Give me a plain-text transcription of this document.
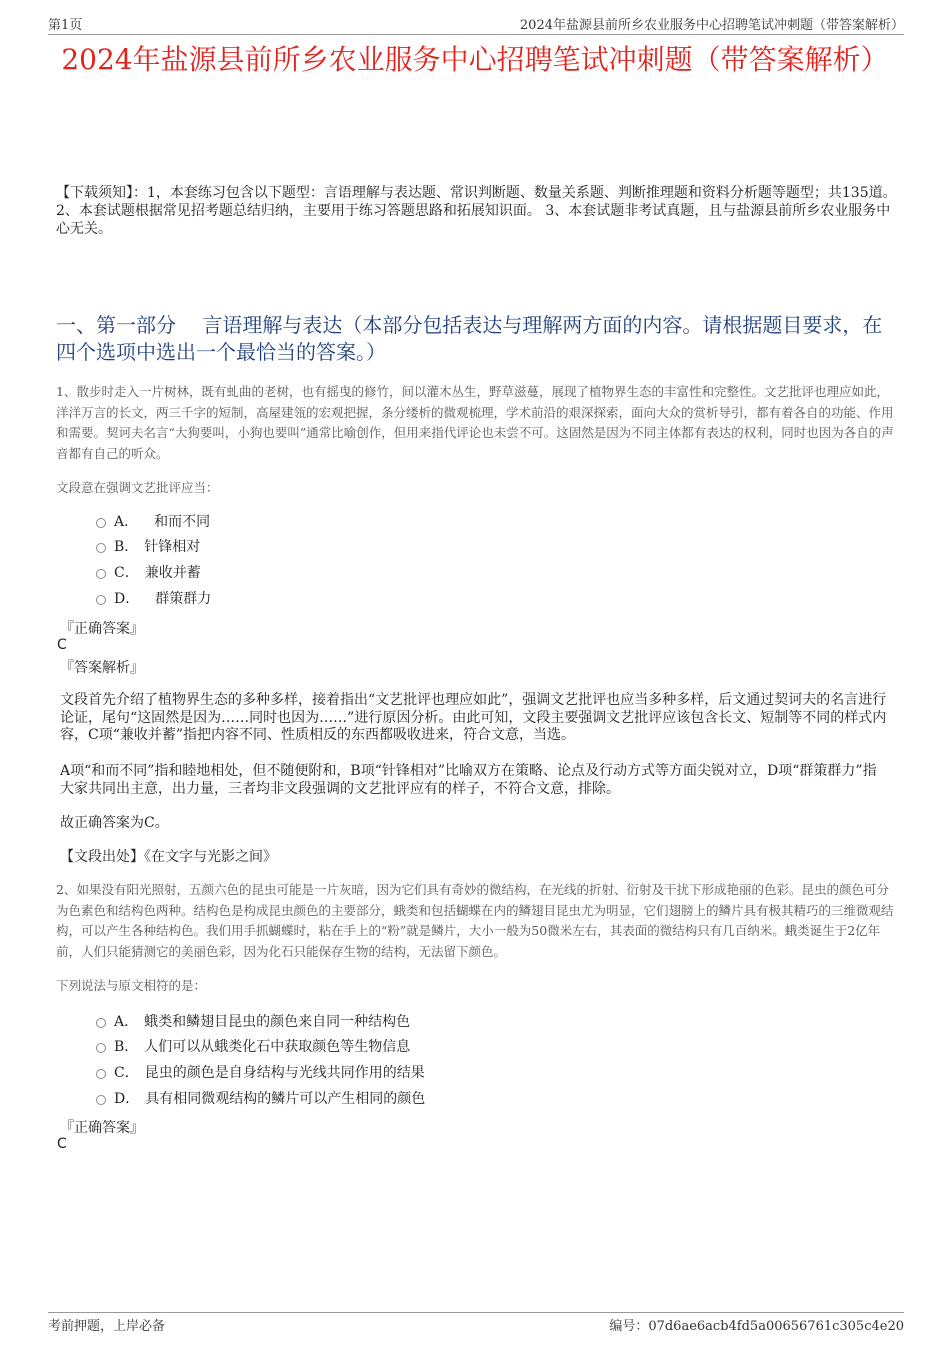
第1页	2024年盐源县前所乡农业服务中心招聘笔试冲刺题（带答案解析）
2024年盐源县前所乡农业服务中心招聘笔试冲刺题（带答案解析）
【下载须知】：1，本套练习包含以下题型：言语理解与表达题、常识判断题、数量关系题、判断推理题和资料分析题等题型；共135道。 2、本套试题根据常见招考题总结归纳，主要用于练习答题思路和拓展知识面。 3、本套试题非考试真题，且与盐源县前所乡农业服务中心无关。
一、第一部分　 言语理解与表达（本部分包括表达与理解两方面的内容。请根据题目要求，在四个选项中选出一个最恰当的答案。）
1、散步时走入一片树林，既有虬曲的老树，也有摇曳的修竹，间以灌木丛生，野草滋蔓，展现了植物界生态的丰富性和完整性。文艺批评也理应如此，洋洋万言的长文，两三千字的短制，高屋建瓴的宏观把握，条分缕析的微观梳理，学术前沿的艰深探索，面向大众的赏析导引，都有着各自的功能、作用和需要。契诃夫名言“大狗要叫，小狗也要叫”通常比喻创作，但用来指代评论也未尝不可。这固然是因为不同主体都有表达的权利，同时也因为各自的声音都有自己的听众。
文段意在强调文艺批评应当：
A． 和而不同
B． 针锋相对
C． 兼收并蓄
D． 群策群力
『正确答案』
C
『答案解析』
文段首先介绍了植物界生态的多种多样，接着指出“文艺批评也理应如此”，强调文艺批评也应当多种多样，后文通过契诃夫的名言进行论证，尾句“这固然是因为……同时也因为……”进行原因分析。由此可知，文段主要强调文艺批评应该包含长文、短制等不同的样式内容，C项“兼收并蓄”指把内容不同、性质相反的东西都吸收进来，符合文意，当选。
A项“和而不同”指和睦地相处，但不随便附和，B项“针锋相对”比喻双方在策略、论点及行动方式等方面尖锐对立，D项“群策群力”指大家共同出主意，出力量，三者均非文段强调的文艺批评应有的样子，不符合文意，排除。
故正确答案为C。
【文段出处】《在文字与光影之间》
2、如果没有阳光照射，五颜六色的昆虫可能是一片灰暗，因为它们具有奇妙的微结构，在光线的折射、衍射及干扰下形成艳丽的色彩。昆虫的颜色可分为色素色和结构色两种。结构色是构成昆虫颜色的主要部分，蛾类和包括蝴蝶在内的鳞翅目昆虫尤为明显，它们翅膀上的鳞片具有极其精巧的三维微观结构，可以产生各种结构色。我们用手抓蝴蝶时，粘在手上的“粉”就是鳞片，大小一般为50微米左右，其表面的微结构只有几百纳米。蛾类诞生于2亿年前，人们只能猜测它的美丽色彩，因为化石只能保存生物的结构，无法留下颜色。
下列说法与原文相符的是：
A． 蛾类和鳞翅目昆虫的颜色来自同一种结构色
B． 人们可以从蛾类化石中获取颜色等生物信息
C． 昆虫的颜色是自身结构与光线共同作用的结果
D． 具有相同微观结构的鳞片可以产生相同的颜色
『正确答案』
C
考前押题，上岸必备	编号：07d6ae6acb4fd5a00656761c305c4e20
